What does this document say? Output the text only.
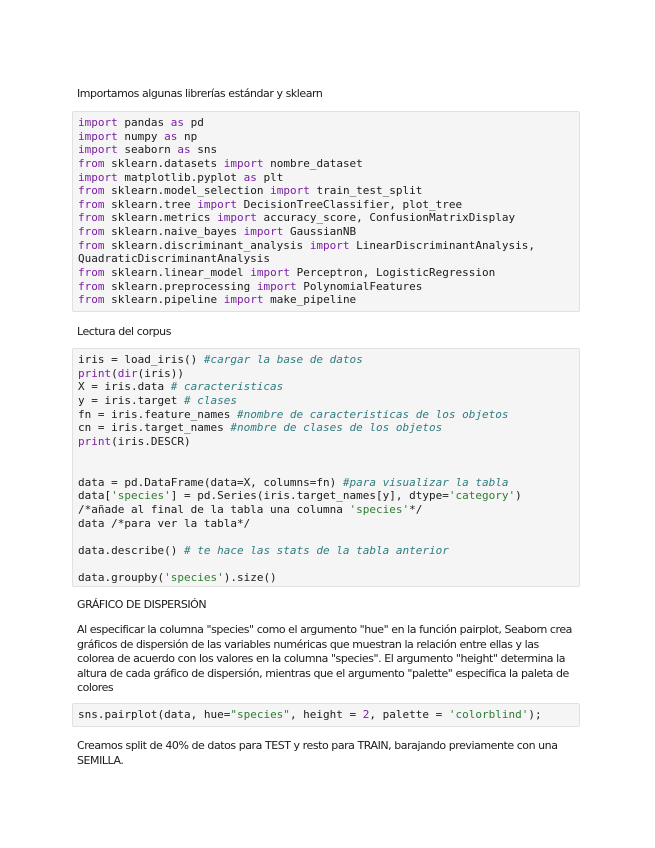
Importamos algunas librerías estándar y sklearn

import pandas as pd
import numpy as np
import seaborn as sns
from sklearn.datasets import nombre_dataset
import matplotlib.pyplot as plt
from sklearn.model_selection import train_test_split
from sklearn.tree import DecisionTreeClassifier, plot_tree
from sklearn.metrics import accuracy_score, ConfusionMatrixDisplay
from sklearn.naive_bayes import GaussianNB
from sklearn.discriminant_analysis import LinearDiscriminantAnalysis,
QuadraticDiscriminantAnalysis
from sklearn.linear_model import Perceptron, LogisticRegression
from sklearn.preprocessing import PolynomialFeatures
from sklearn.pipeline import make_pipeline

Lectura del corpus

iris = load_iris() #cargar la base de datos
print(dir(iris))
X = iris.data # caracteristicas
y = iris.target # clases
fn = iris.feature_names #nombre de caracteristicas de los objetos
cn = iris.target_names #nombre de clases de los objetos
print(iris.DESCR)

data = pd.DataFrame(data=X, columns=fn) #para visualizar la tabla
data['species'] = pd.Series(iris.target_names[y], dtype='category')
/*añade al final de la tabla una columna 'species'*/
data /*para ver la tabla*/

data.describe() # te hace las stats de la tabla anterior

data.groupby('species').size()

GRÁFICO DE DISPERSIÓN

Al especificar la columna "species" como el argumento "hue" en la función pairplot, Seaborn crea gráficos de dispersión de las variables numéricas que muestran la relación entre ellas y las colorea de acuerdo con los valores en la columna "species". El argumento "height" determina la altura de cada gráfico de dispersión, mientras que el argumento "palette" especifica la paleta de colores

sns.pairplot(data, hue="species", height = 2, palette = 'colorblind');

Creamos split de 40% de datos para TEST y resto para TRAIN, barajando previamente con una SEMILLA.
